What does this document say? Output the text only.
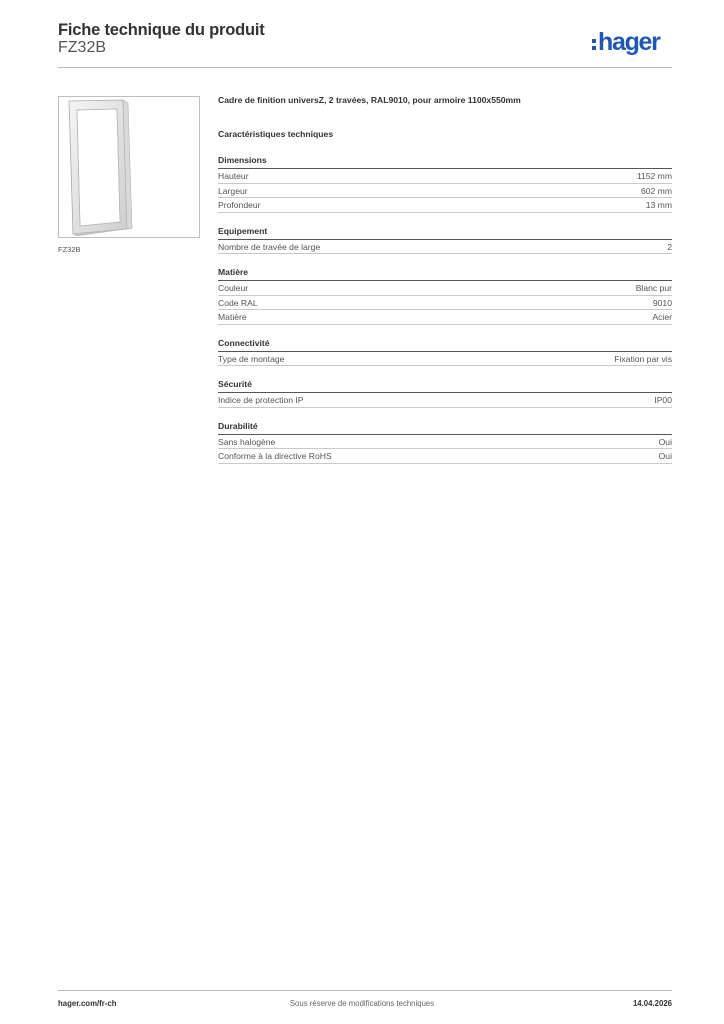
Fiche technique du produit
FZ32B	hager
FZ32B
Cadre de finition universZ, 2 travées, RAL9010, pour armoire 1100x550mm
Caractéristiques techniques
Dimensions
Hauteur	1152 mm
Largeur	602 mm
Profondeur	13 mm
Equipement
Nombre de travée de large	2
Matière
Couleur	Blanc pur
Code RAL	9010
Matière	Acier
Connectivité
Type de montage	Fixation par vis
Sécurité
Indice de protection IP	IP00
Durabilité
Sans halogène	Oui
Conforme à la directive RoHS	Oui
hager.com/fr-ch	Sous réserve de modifications techniques	14.04.2026
